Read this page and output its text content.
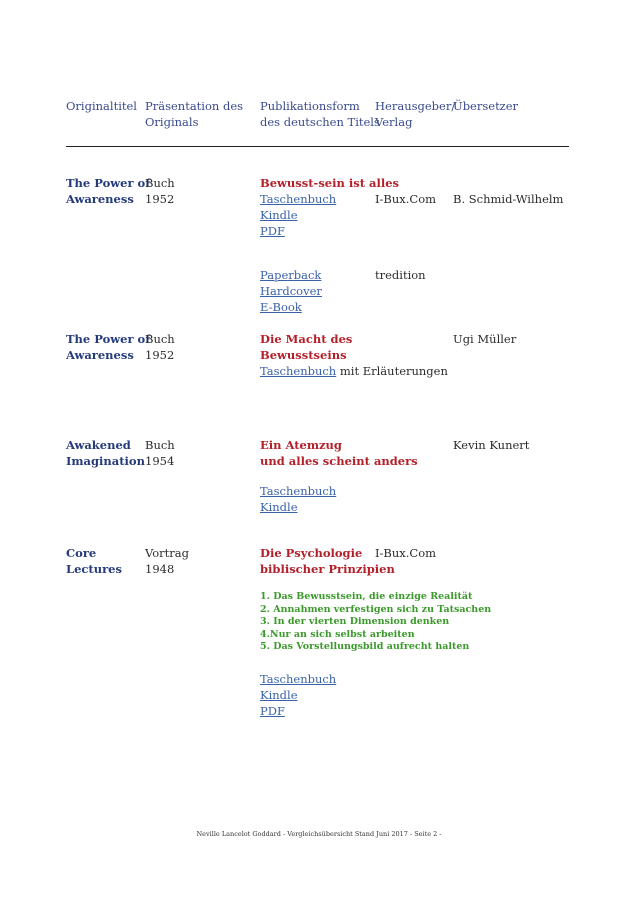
Originaltitel Präsentation des
Originals
Publikationsform
des deutschen Titels
Herausgeber/
Verlag
Übersetzer
The Power of
Awareness
Buch
1952
Bewusst-sein ist alles
Taschenbuch
Kindle
PDF
I-Bux.Com B. Schmid-Wilhelm
Paperback
Hardcover
E-Book
tredition
The Power of
Awareness
Buch
1952
Die Macht des
Bewusstseins
Taschenbuch mit Erläuterungen
Ugi Müller
Awakened
Imagination
Buch
1954
Ein Atemzug
und alles scheint anders
Taschenbuch
Kindle
Kevin Kunert
Core
Lectures
Vortrag
1948
Die Psychologie
biblischer Prinzipien
I-Bux.Com
1. Das Bewusstsein, die einzige Realität
2. Annahmen verfestigen sich zu Tatsachen
3. In der vierten Dimension denken
4.Nur an sich selbst arbeiten
5. Das Vorstellungsbild aufrecht halten
Taschenbuch
Kindle
PDF
Neville Lancelot Goddard - Vergleichsübersicht Stand Juni 2017 - Seite 2 -
